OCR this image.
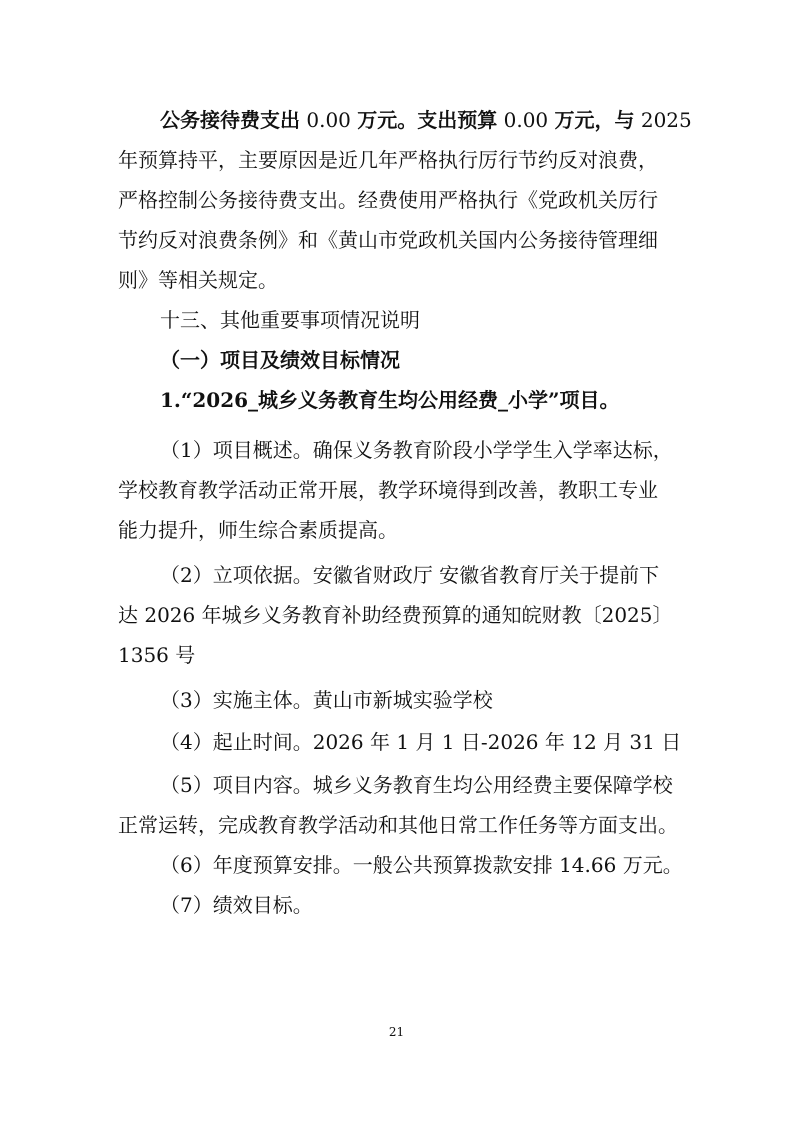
公务接待费支出 0.00 万元。支出预算 0.00 万元，与 2025
年预算持平，主要原因是近几年严格执行厉行节约反对浪费，
严格控制公务接待费支出。经费使用严格执行《党政机关厉行
节约反对浪费条例》和《黄山市党政机关国内公务接待管理细
则》等相关规定。
十三、其他重要事项情况说明
（一）项目及绩效目标情况
1.“2026_城乡义务教育生均公用经费_小学”项目。
（1）项目概述。确保义务教育阶段小学学生入学率达标，
学校教育教学活动正常开展，教学环境得到改善，教职工专业
能力提升，师生综合素质提高。
（2）立项依据。安徽省财政厅 安徽省教育厅关于提前下
达 2026 年城乡义务教育补助经费预算的通知皖财教〔2025〕
1356 号
（3）实施主体。黄山市新城实验学校
（4）起止时间。2026 年 1 月 1 日-2026 年 12 月 31 日
（5）项目内容。城乡义务教育生均公用经费主要保障学校
正常运转，完成教育教学活动和其他日常工作任务等方面支出。
（6）年度预算安排。一般公共预算拨款安排 14.66 万元。
（7）绩效目标。
21
